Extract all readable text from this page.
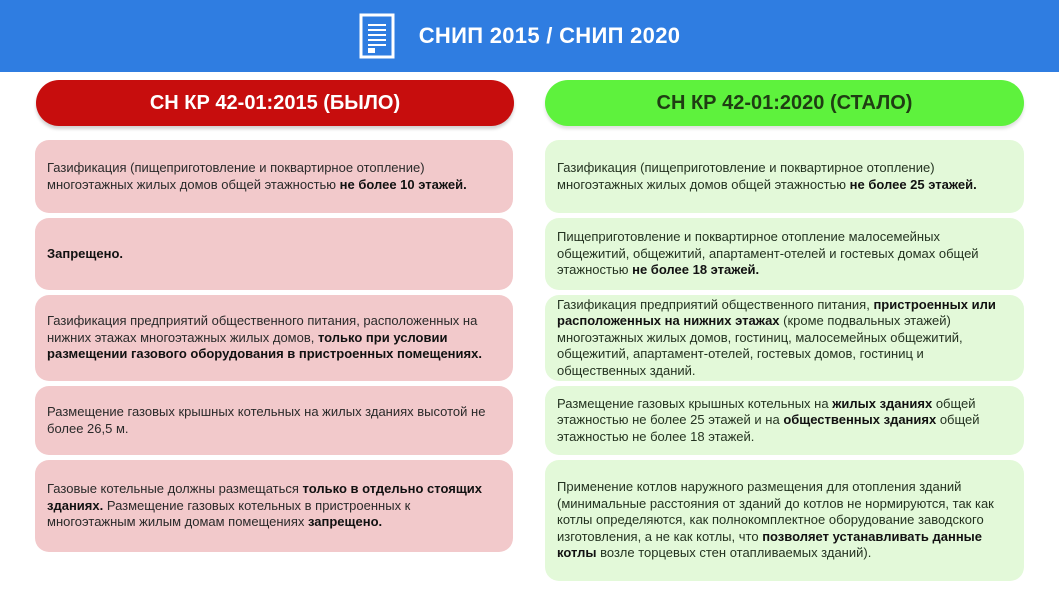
СНИП 2015 / СНИП 2020
СН КР 42-01:2015 (БЫЛО)	СН КР 42-01:2020 (СТАЛО)
Газификация (пищеприготовление и поквартирное отопление) многоэтажных жилых домов общей этажностью не более 10 этажей.
Запрещено.
Газификация предприятий общественного питания, расположенных на нижних этажах многоэтажных жилых домов, только при условии размещении газового оборудования в пристроенных помещениях.
Размещение газовых крышных котельных на жилых зданиях высотой не более 26,5 м.
Газовые котельные должны размещаться только в отдельно стоящих зданиях. Размещение газовых котельных в пристроенных к многоэтажным жилым домам помещениях запрещено.
Газификация (пищеприготовление и поквартирное отопление) многоэтажных жилых домов общей этажностью не более 25 этажей.
Пищеприготовление и поквартирное отопление малосемейных общежитий, общежитий, апартамент-отелей и гостевых домах общей этажностью не более 18 этажей.
Газификация предприятий общественного питания, пристроенных или расположенных на нижних этажах (кроме подвальных этажей) многоэтажных жилых домов, гостиниц, малосемейных общежитий, общежитий, апартамент-отелей, гостевых домов, гостиниц и общественных зданий.
Размещение газовых крышных котельных на жилых зданиях общей этажностью не более 25 этажей и на общественных зданиях общей этажностью не более 18 этажей.
Применение котлов наружного размещения для отопления зданий (минимальные расстояния от зданий до котлов не нормируются, так как котлы определяются, как полнокомплектное оборудование заводского изготовления, а не как котлы, что позволяет устанавливать данные котлы возле торцевых стен отапливаемых зданий).
